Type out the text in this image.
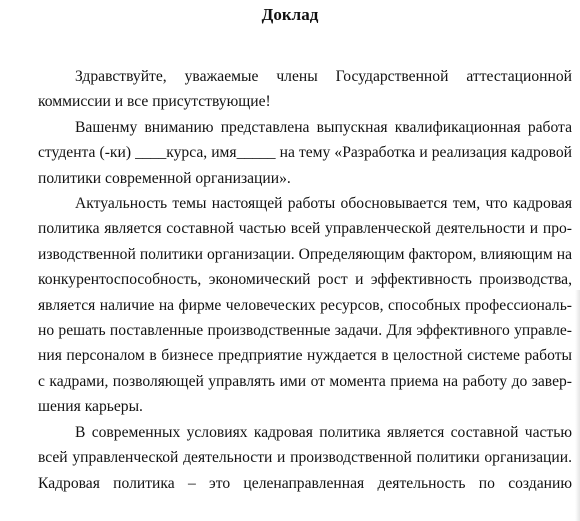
Доклад
Здравствуйте, уважаемые члены Государственной аттестационной
коммиссии и все присутствующие!
Вашенму вниманию представлена выпускная квалификационная работа
студента (-ки) ____курса, имя_____ на тему «Разработка и реализация кадровой
политики современной организации».
Актуальность темы настоящей работы обосновывается тем, что кадровая
политика является составной частью всей управленческой деятельности и про-
изводственной политики организации. Определяющим фактором, влияющим на
конкурентоспособность, экономический рост и эффективность производства,
является наличие на фирме человеческих ресурсов, способных профессиональ-
но решать поставленные производственные задачи. Для эффективного управле-
ния персоналом в бизнесе предприятие нуждается в целостной системе работы
с кадрами, позволяющей управлять ими от момента приема на работу до завер-
шения карьеры.
В современных условиях кадровая политика является составной частью
всей управленческой деятельности и производственной политики организации.
Кадровая политика – это целенаправленная деятельность по созданию
